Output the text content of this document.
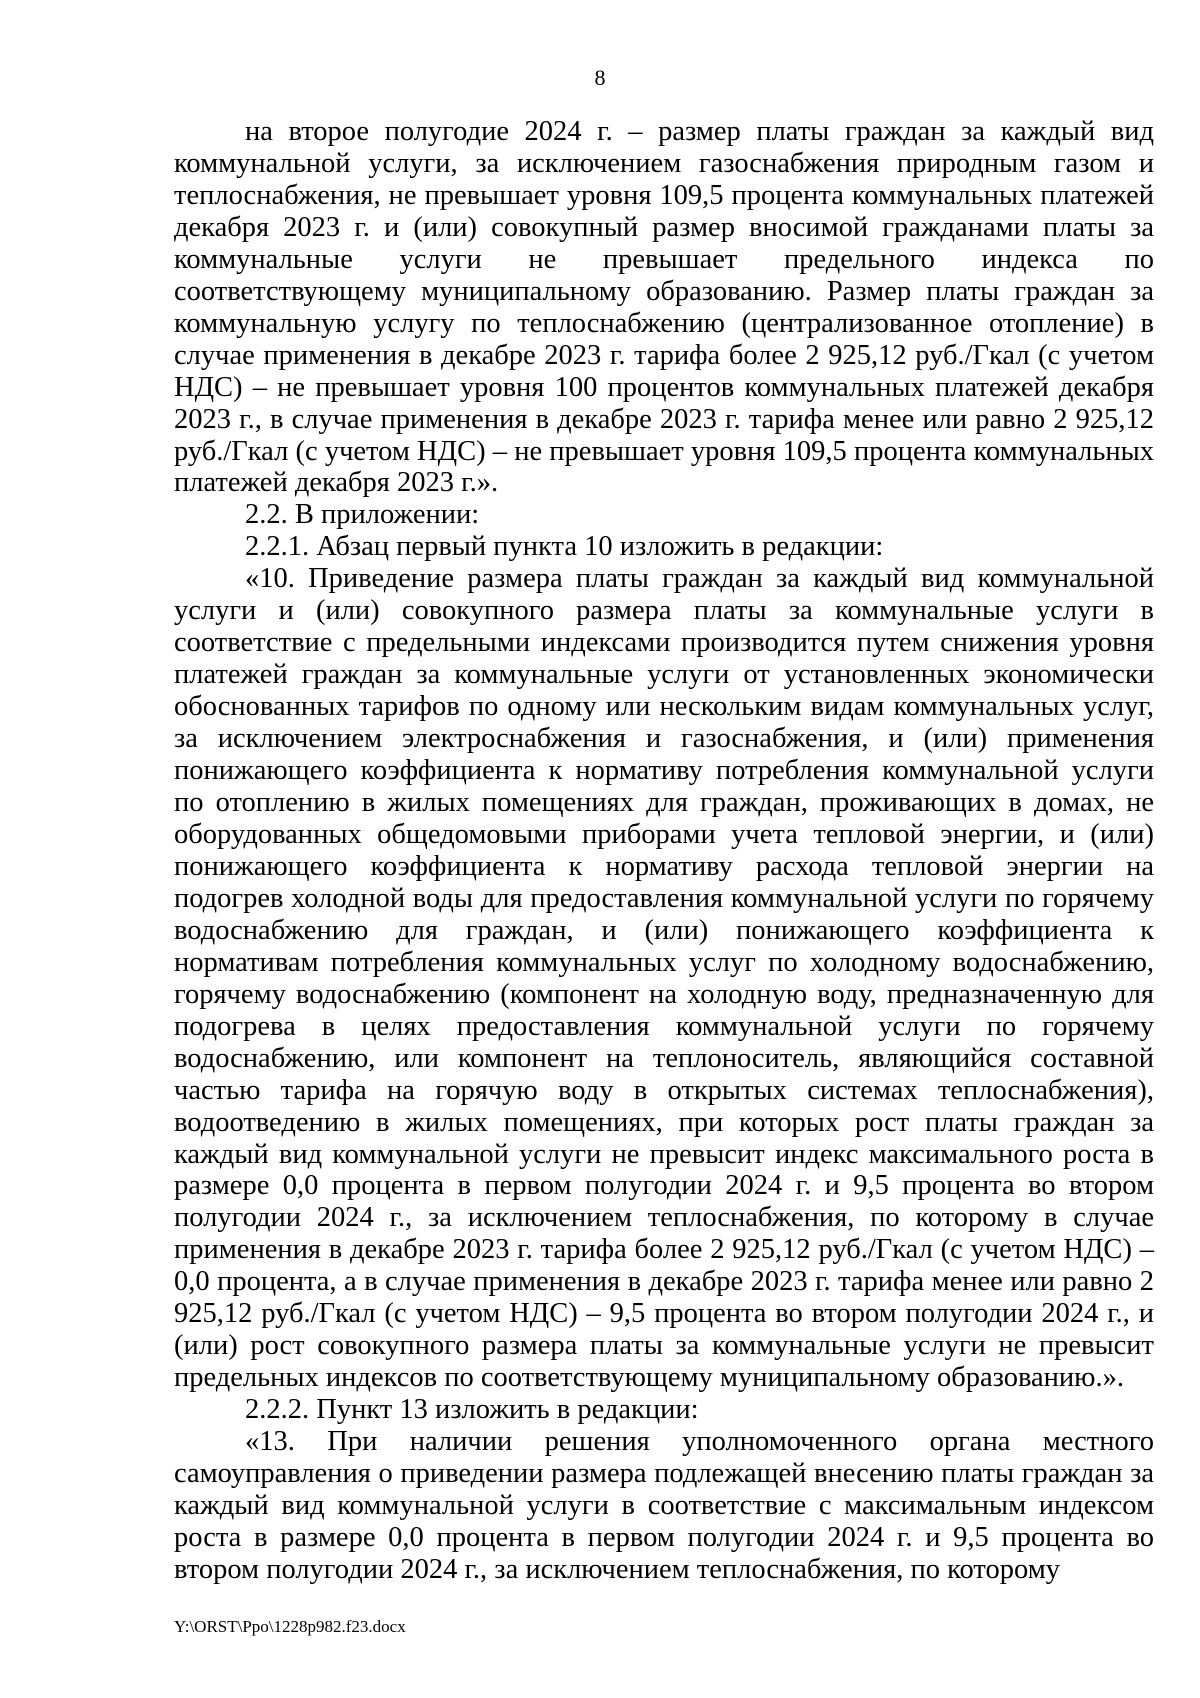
8

на второе полугодие 2024 г. – размер платы граждан за каждый вид коммунальной услуги, за исключением газоснабжения природным газом и теплоснабжения, не превышает уровня 109,5 процента коммунальных платежей декабря 2023 г. и (или) совокупный размер вносимой гражданами платы за коммунальные услуги не превышает предельного индекса по соответствующему муниципальному образованию. Размер платы граждан за коммунальную услугу по теплоснабжению (централизованное отопление) в случае применения в декабре 2023 г. тарифа более 2 925,12 руб./Гкал (с учетом НДС) – не превышает уровня 100 процентов коммунальных платежей декабря 2023 г., в случае применения в декабре 2023 г. тарифа менее или равно 2 925,12 руб./Гкал (с учетом НДС) – не превышает уровня 109,5 процента коммунальных платежей декабря 2023 г.».

2.2. В приложении:

2.2.1. Абзац первый пункта 10 изложить в редакции:

«10. Приведение размера платы граждан за каждый вид коммунальной услуги и (или) совокупного размера платы за коммунальные услуги в соответствие с предельными индексами производится путем снижения уровня платежей граждан за коммунальные услуги от установленных экономически обоснованных тарифов по одному или нескольким видам коммунальных услуг, за исключением электроснабжения и газоснабжения, и (или) применения понижающего коэффициента к нормативу потребления коммунальной услуги по отоплению в жилых помещениях для граждан, проживающих в домах, не оборудованных общедомовыми приборами учета тепловой энергии, и (или) понижающего коэффициента к нормативу расхода тепловой энергии на подогрев холодной воды для предоставления коммунальной услуги по горячему водоснабжению для граждан, и (или) понижающего коэффициента к нормативам потребления коммунальных услуг по холодному водоснабжению, горячему водоснабжению (компонент на холодную воду, предназначенную для подогрева в целях предоставления коммунальной услуги по горячему водоснабжению, или компонент на теплоноситель, являющийся составной частью тарифа на горячую воду в открытых системах теплоснабжения), водоотведению в жилых помещениях, при которых рост платы граждан за каждый вид коммунальной услуги не превысит индекс максимального роста в размере 0,0 процента в первом полугодии 2024 г. и 9,5 процента во втором полугодии 2024 г., за исключением теплоснабжения, по которому в случае применения в декабре 2023 г. тарифа более 2 925,12 руб./Гкал (с учетом НДС) – 0,0 процента, а в случае применения в декабре 2023 г. тарифа менее или равно 2 925,12 руб./Гкал (с учетом НДС) – 9,5 процента во втором полугодии 2024 г., и (или) рост совокупного размера платы за коммунальные услуги не превысит предельных индексов по соответствующему муниципальному образованию.».

2.2.2. Пункт 13 изложить в редакции:

«13. При наличии решения уполномоченного органа местного самоуправления о приведении размера подлежащей внесению платы граждан за каждый вид коммунальной услуги в соответствие с максимальным индексом роста в размере 0,0 процента в первом полугодии 2024 г. и 9,5 процента во втором полугодии 2024 г., за исключением теплоснабжения, по которому

Y:\ORST\Ppo\1228p982.f23.docx
